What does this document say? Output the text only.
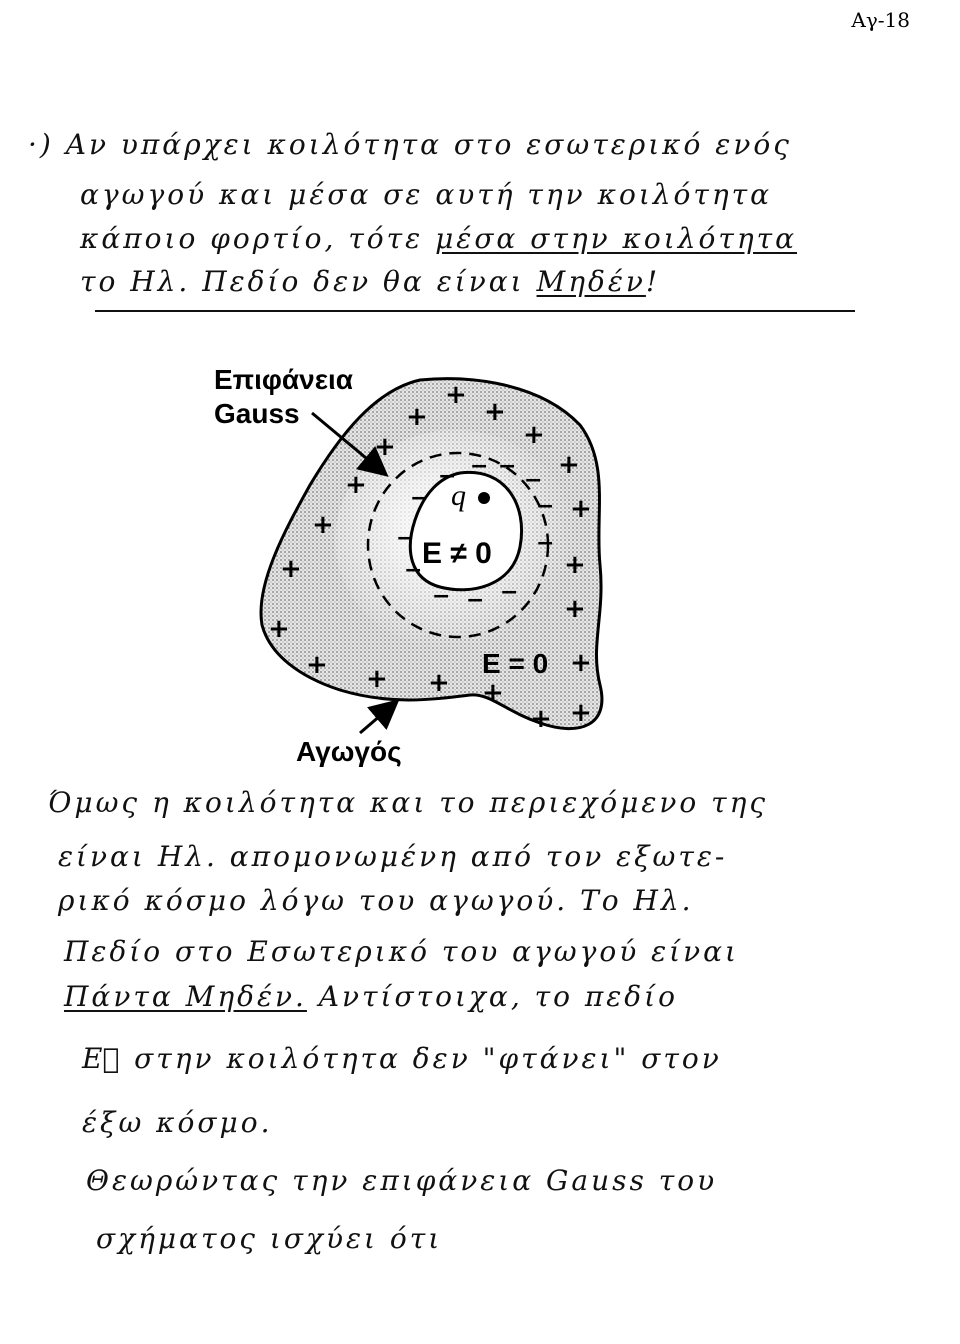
Αγ-18
·) Αν υπάρχει κοιλότητα στο εσωτερικό ενός
αγωγού και μέσα σε αυτή την κοιλότητα
κάποιο φορτίο, τότε μέσα στην κοιλότητα
το Ηλ. Πεδίο δεν θα είναι Μηδέν!
q
E ≠ 0
E = 0
− −
−
−
−	−
−	−
−
− − −
+
+ +
+
+
+
+
+
+
+
+
+
+
+
+ + + +
+ +
Επιφάνεια
Gauss
Αγωγός
Όμως η κοιλότητα και το περιεχόμενο της
είναι Ηλ. απομονωμένη από τον εξωτε-
ρικό κόσμο λόγω του αγωγού. Το Ηλ.
Πεδίο στο Εσωτερικό του αγωγού είναι
Πάντα Μηδέν. Αντίστοιχα, το πεδίο
E⃗ στην κοιλότητα δεν "φτάνει" στον
έξω κόσμο.
Θεωρώντας την επιφάνεια Gauss του
σχήματος ισχύει ότι
